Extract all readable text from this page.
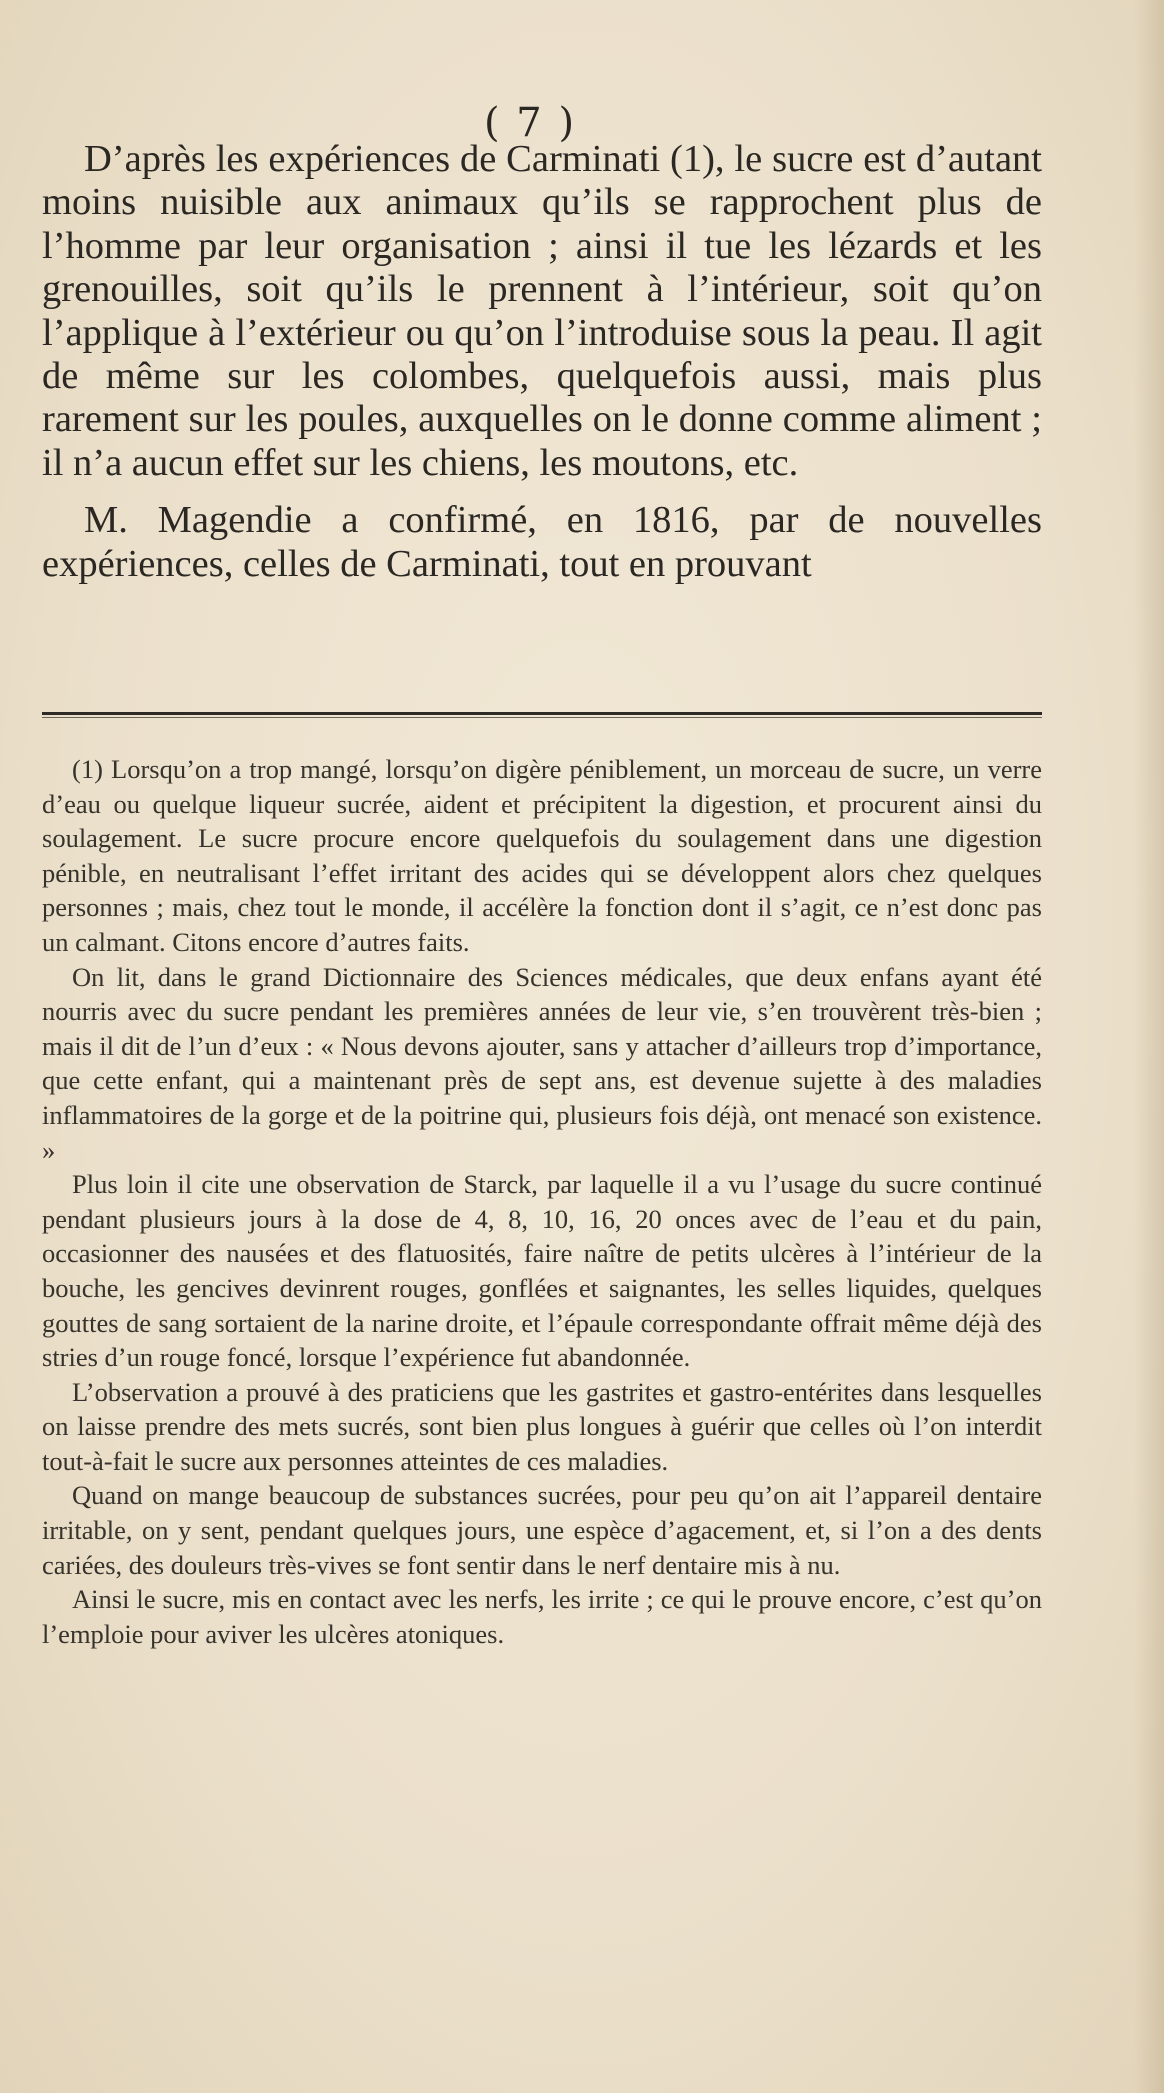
( 7 )

D’après les expériences de Carminati (1), le sucre est d’autant moins nuisible aux animaux qu’ils se rapprochent plus de l’homme par leur organisation ; ainsi il tue les lézards et les grenouilles, soit qu’ils le prennent à l’intérieur, soit qu’on l’applique à l’extérieur ou qu’on l’introduise sous la peau. Il agit de même sur les colombes, quelquefois aussi, mais plus rarement sur les poules, auxquelles on le donne comme aliment ; il n’a aucun effet sur les chiens, les moutons, etc.

M. Magendie a confirmé, en 1816, par de nouvelles expériences, celles de Carminati, tout en prouvant

(1) Lorsqu’on a trop mangé, lorsqu’on digère péniblement, un morceau de sucre, un verre d’eau ou quelque liqueur sucrée, aident et précipitent la digestion, et procurent ainsi du soulagement. Le sucre procure encore quelquefois du soulagement dans une digestion pénible, en neutralisant l’effet irritant des acides qui se développent alors chez quelques personnes ; mais, chez tout le monde, il accélère la fonction dont il s’agit, ce n’est donc pas un calmant. Citons encore d’autres faits.

On lit, dans le grand Dictionnaire des Sciences médicales, que deux enfans ayant été nourris avec du sucre pendant les premières années de leur vie, s’en trouvèrent très-bien ; mais il dit de l’un d’eux : « Nous devons ajouter, sans y attacher d’ailleurs trop d’importance, que cette enfant, qui a maintenant près de sept ans, est devenue sujette à des maladies inflammatoires de la gorge et de la poitrine qui, plusieurs fois déjà, ont menacé son existence. »

Plus loin il cite une observation de Starck, par laquelle il a vu l’usage du sucre continué pendant plusieurs jours à la dose de 4, 8, 10, 16, 20 onces avec de l’eau et du pain, occasionner des nausées et des flatuosités, faire naître de petits ulcères à l’intérieur de la bouche, les gencives devinrent rouges, gonflées et saignantes, les selles liquides, quelques gouttes de sang sortaient de la narine droite, et l’épaule correspondante offrait même déjà des stries d’un rouge foncé, lorsque l’expérience fut abandonnée.

L’observation a prouvé à des praticiens que les gastrites et gastro-entérites dans lesquelles on laisse prendre des mets sucrés, sont bien plus longues à guérir que celles où l’on interdit tout-à-fait le sucre aux personnes atteintes de ces maladies.

Quand on mange beaucoup de substances sucrées, pour peu qu’on ait l’appareil dentaire irritable, on y sent, pendant quelques jours, une espèce d’agacement, et, si l’on a des dents cariées, des douleurs très-vives se font sentir dans le nerf dentaire mis à nu.

Ainsi le sucre, mis en contact avec les nerfs, les irrite ; ce qui le prouve encore, c’est qu’on l’emploie pour aviver les ulcères atoniques.
